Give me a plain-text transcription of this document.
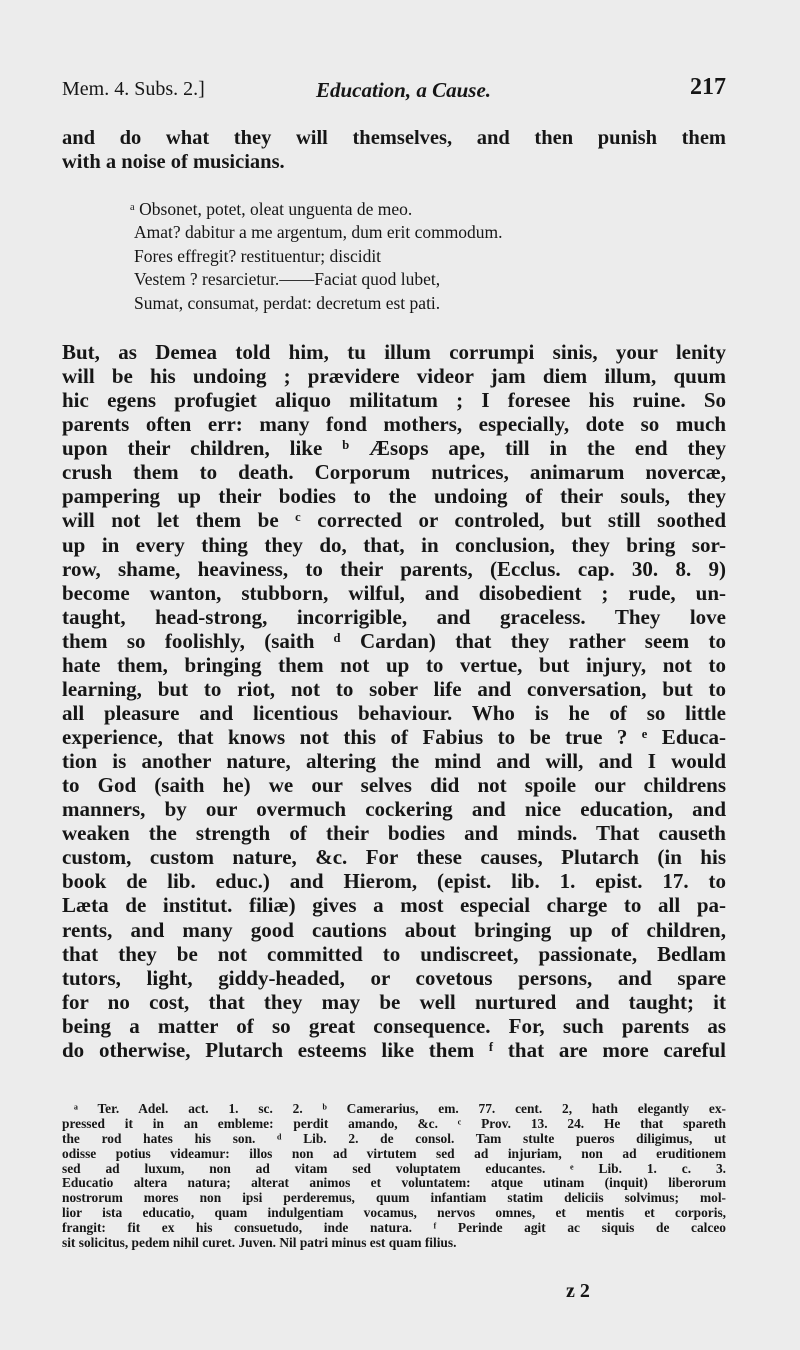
Mem. 4. Subs. 2.]	Education, a Cause.	217
and do what they will themselves, and then punish them
with a noise of musicians.
ᵃ Obsonet, potet, oleat unguenta de meo.
Amat? dabitur a me argentum, dum erit commodum.
Fores effregit? restituentur; discidit
Vestem ? resarcietur.——Faciat quod lubet,
Sumat, consumat, perdat: decretum est pati.
But, as Demea told him, tu illum corrumpi sinis, your lenity
will be his undoing ; prævidere videor jam diem illum, quum
hic egens profugiet aliquo militatum ; I foresee his ruine. So
parents often err: many fond mothers, especially, dote so much
upon their children, like ᵇ Æsops ape, till in the end they
crush them to death. Corporum nutrices, animarum novercæ,
pampering up their bodies to the undoing of their souls, they
will not let them be ᶜ corrected or controled, but still soothed
up in every thing they do, that, in conclusion, they bring sor-
row, shame, heaviness, to their parents, (Ecclus. cap. 30. 8. 9)
become wanton, stubborn, wilful, and disobedient ; rude, un-
taught, head-strong, incorrigible, and graceless. They love
them so foolishly, (saith ᵈ Cardan) that they rather seem to
hate them, bringing them not up to vertue, but injury, not to
learning, but to riot, not to sober life and conversation, but to
all pleasure and licentious behaviour. Who is he of so little
experience, that knows not this of Fabius to be true ? ᵉ Educa-
tion is another nature, altering the mind and will, and I would
to God (saith he) we our selves did not spoile our childrens
manners, by our overmuch cockering and nice education, and
weaken the strength of their bodies and minds. That causeth
custom, custom nature, &c. For these causes, Plutarch (in his
book de lib. educ.) and Hierom, (epist. lib. 1. epist. 17. to
Læta de institut. filiæ) gives a most especial charge to all pa-
rents, and many good cautions about bringing up of children,
that they be not committed to undiscreet, passionate, Bedlam
tutors, light, giddy-headed, or covetous persons, and spare
for no cost, that they may be well nurtured and taught; it
being a matter of so great consequence. For, such parents as
do otherwise, Plutarch esteems like them ᶠ that are more careful
ᵃ Ter. Adel. act. 1. sc. 2. ᵇ Camerarius, em. 77. cent. 2, hath elegantly ex-
pressed it in an embleme: perdit amando, &c. ᶜ Prov. 13. 24. He that spareth
the rod hates his son. ᵈ Lib. 2. de consol. Tam stulte pueros diligimus, ut
odisse potius videamur: illos non ad virtutem sed ad injuriam, non ad eruditionem
sed ad luxum, non ad vitam sed voluptatem educantes. ᵉ Lib. 1. c. 3.
Educatio altera natura; alterat animos et voluntatem: atque utinam (inquit) liberorum
nostrorum mores non ipsi perderemus, quum infantiam statim deliciis solvimus; mol-
lior ista educatio, quam indulgentiam vocamus, nervos omnes, et mentis et corporis,
frangit: fit ex his consuetudo, inde natura. ᶠ Perinde agit ac siquis de calceo
sit solicitus, pedem nihil curet. Juven. Nil patri minus est quam filius.
z 2
